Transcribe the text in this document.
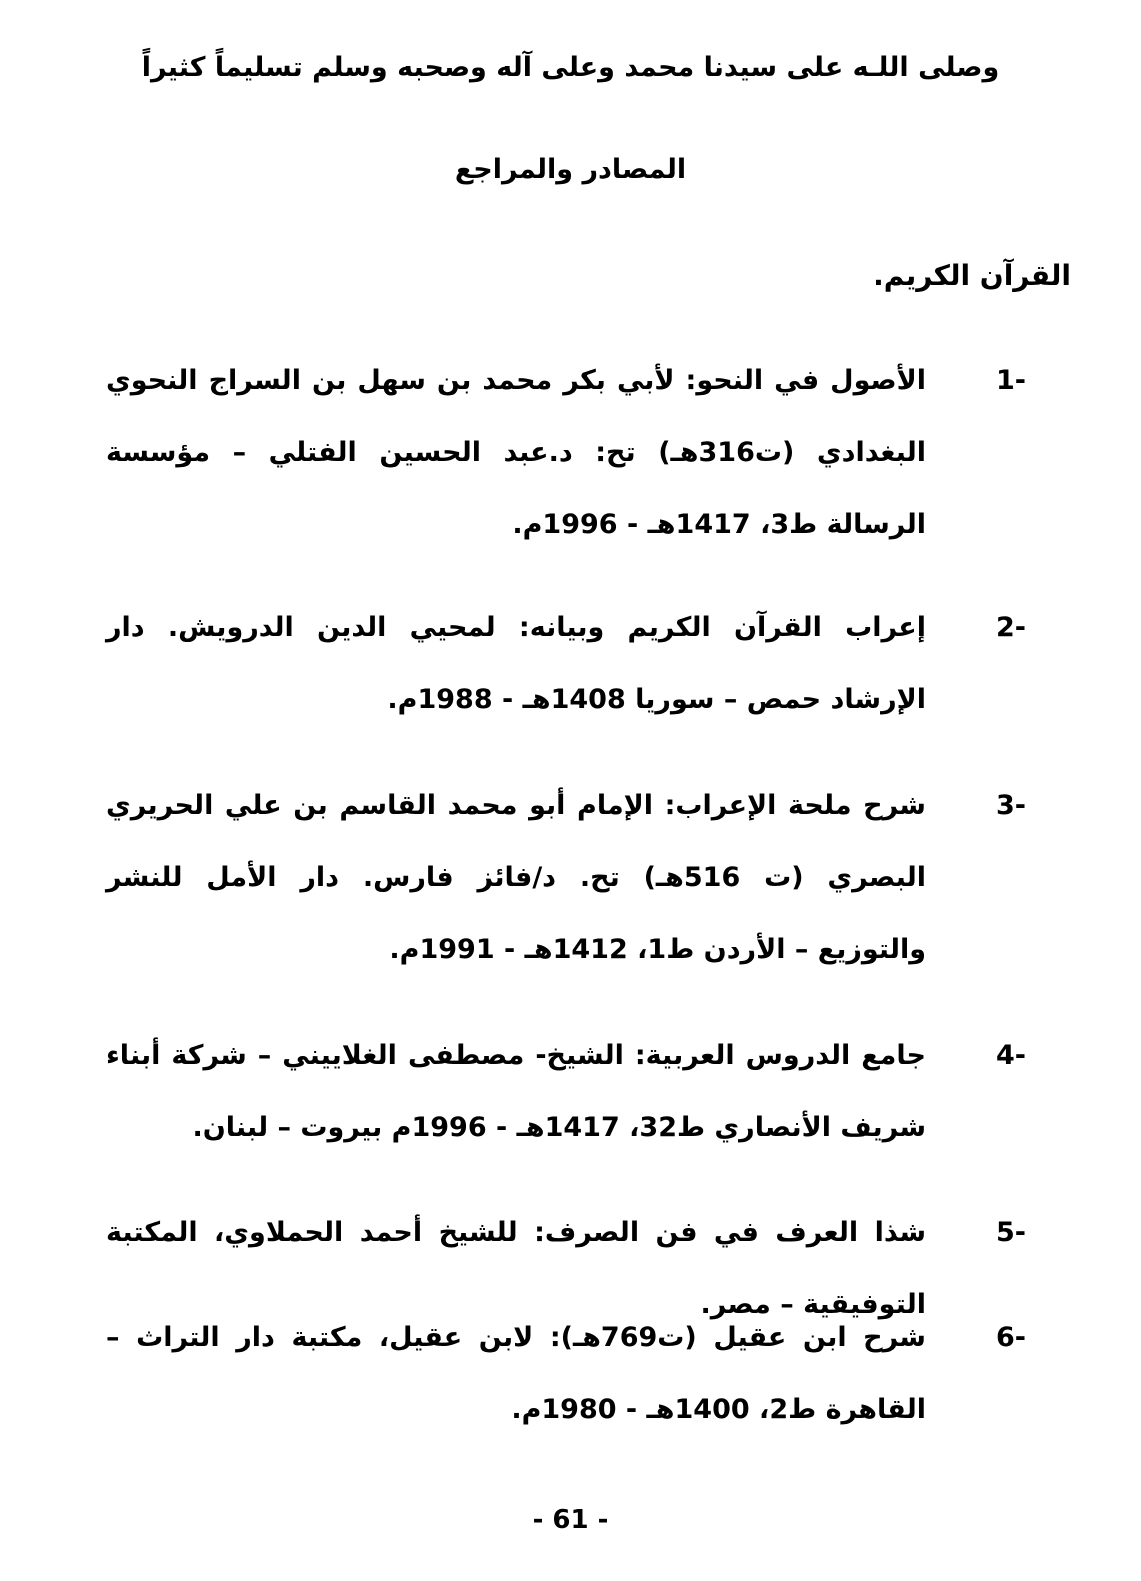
وصلى اللـه على سيدنا محمد وعلى آله وصحبه وسلم تسليماً كثيراً
المصادر والمراجع
القرآن الكريم.
-1
الأصول في النحو: لأبي بكر محمد بن سهل بن السراج النحوي البغدادي (ت316هـ) تح: د.عبد الحسين الفتلي – مؤسسة الرسالة ط3، 1417هـ - 1996م.
-2
إعراب القرآن الكريم وبيانه: لمحيي الدين الدرويش. دار الإرشاد حمص – سوريا 1408هـ - 1988م.
-3
شرح ملحة الإعراب: الإمام أبو محمد القاسم بن علي الحريري البصري (ت 516هـ) تح. د/فائز فارس. دار الأمل للنشر والتوزيع – الأردن ط1، 1412هـ - 1991م.
-4
جامع الدروس العربية: الشيخ- مصطفى الغلاييني – شركة أبناء شريف الأنصاري ط32، 1417هـ - 1996م بيروت – لبنان.
-5
شذا العرف في فن الصرف: للشيخ أحمد الحملاوي، المكتبة التوفيقية – مصر.
-6
شرح ابن عقيل (ت769هـ): لابن عقيل، مكتبة دار التراث – القاهرة ط2، 1400هـ - 1980م.
- 61 -
